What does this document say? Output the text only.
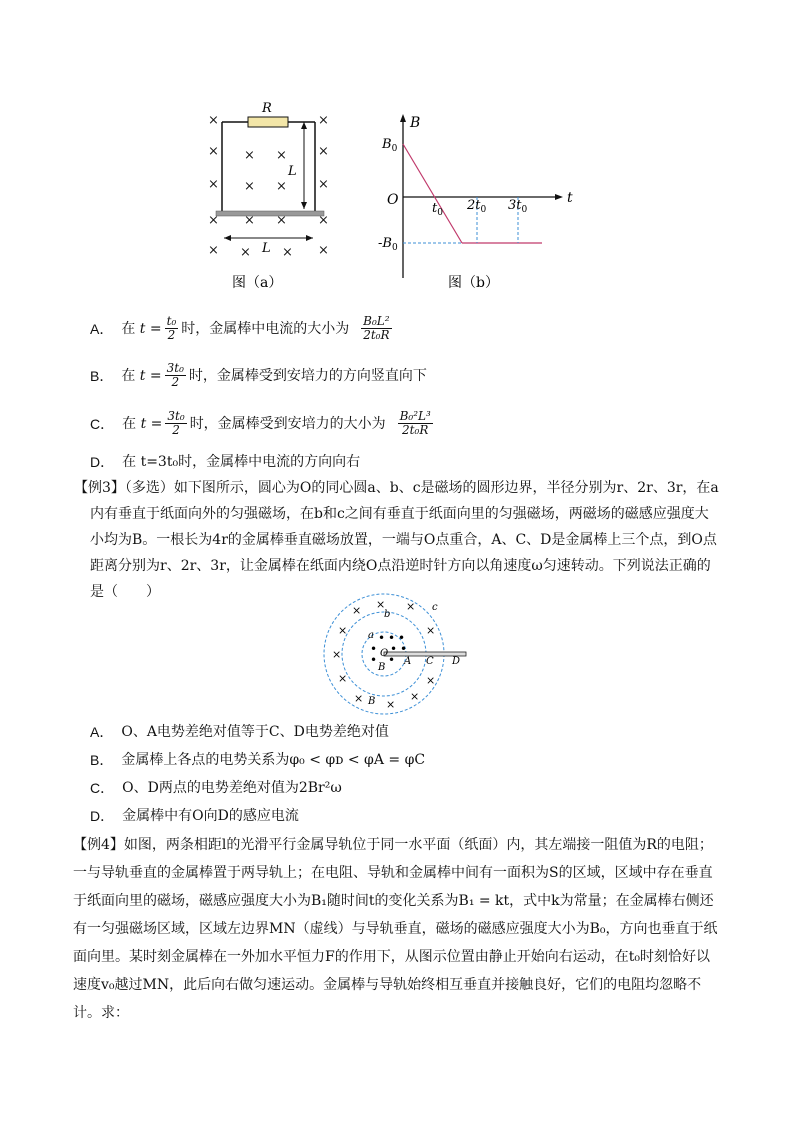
R
L
L
×	×
× × × ×
× × × ×
× × × ×
× × × ×
图（a）
B
t
O
$B_0$
$-B_0$
$t_0$ $2t_0$ $3t_0$
图（b）
A． 在
t
= $\frac{\text{t₀}}{2}$ 时，金属棒中电流的大小为
$\frac{\text{B₀L²}}{\text{2t₀R}}$
B． 在
t
= $\frac{\text{3t₀}}{2}$ 时，金属棒受到安培力的方向竖直向下
C． 在
t
= $\frac{\text{3t₀}}{2}$ 时，金属棒受到安培力的大小为
$\frac{\text{B₀²L³}}{\text{2t₀R}}$
D． 在 t=3t₀时，金属棒中电流的方向向右
【例3】（多选）如下图所示，圆心为O的同心圆a、b、c是磁场的圆形边界，半径分别为r、2r、3r，在a内有垂直于纸面向外的匀强磁场，在b和c之间有垂直于纸面向里的匀强磁场，两磁场的磁感应强度大小均为B。一根长为4r的金属棒垂直磁场放置，一端与O点重合，A、C、D是金属棒上三个点，到O点距离分别为r、2r、3r，让金属棒在纸面内绕O点沿逆时针方向以角速度ω匀速转动。下列说法正确的是（　　）
c
b
a
O
A C D
B
B
• • •
• • •
• •
× × ×
×	×
×
×	×
× ×
×
A． O、A电势差绝对值等于C、D电势差绝对值
B． 金属棒上各点的电势关系为φ₀ < φᴅ < φA = φC
C． O、D两点的电势差绝对值为2Br²ω
D． 金属棒中有O向D的感应电流
【例4】如图，两条相距l的光滑平行金属导轨位于同一水平面（纸面）内，其左端接一阻值为R的电阻；一与导轨垂直的金属棒置于两导轨上；在电阻、导轨和金属棒中间有一面积为S的区域，区域中存在垂直于纸面向里的磁场，磁感应强度大小为B₁随时间t的变化关系为B₁ = kt，式中k为常量；在金属棒右侧还有一匀强磁场区域，区域左边界MN（虚线）与导轨垂直，磁场的磁感应强度大小为B₀，方向也垂直于纸面向里。某时刻金属棒在一外加水平恒力F的作用下，从图示位置由静止开始向右运动，在t₀时刻恰好以速度v₀越过MN，此后向右做匀速运动。金属棒与导轨始终相互垂直并接触良好，它们的电阻均忽略不计。求：
